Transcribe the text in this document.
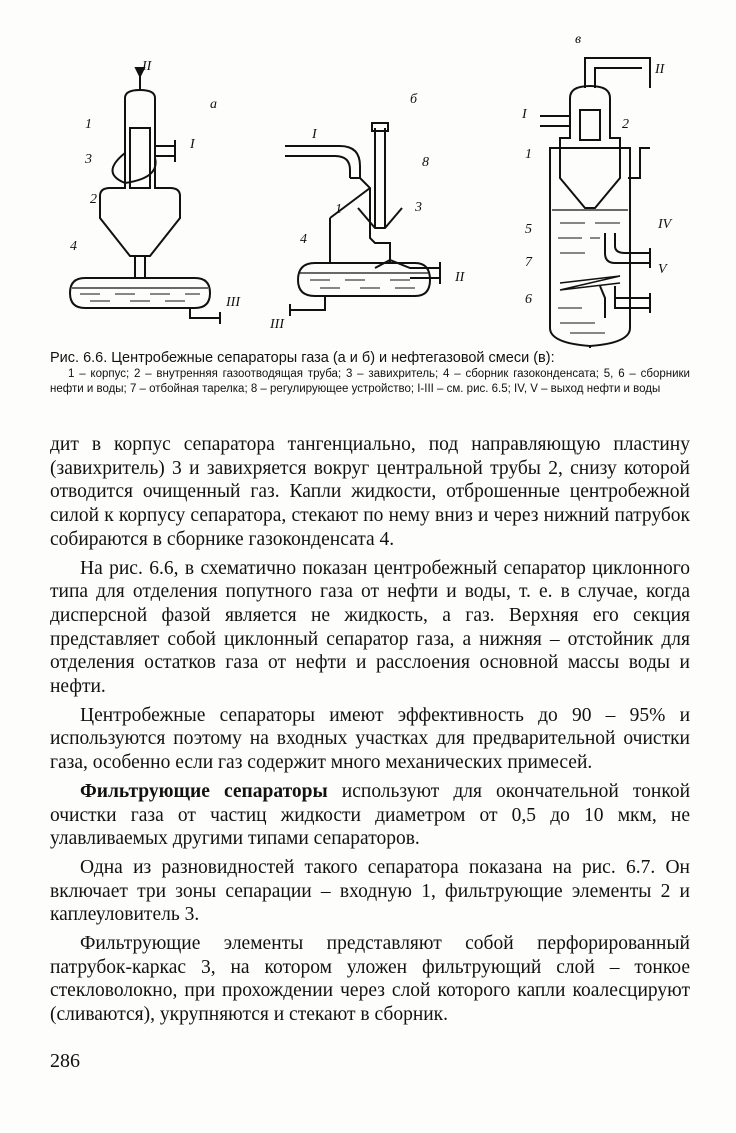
а	б
в
II
1
3
I
2
4
III
I
8
3
1
4
II
III
II
I
2
1
5	IV
7	V
6
Рис. 6.6. Центробежные сепараторы газа (а и б) и нефтегазовой смеси (в):
1 – корпус; 2 – внутренняя газоотводящая труба; 3 – завихритель; 4 – сборник газоконденсата; 5, 6 – сборники нефти и воды; 7 – отбойная тарелка; 8 – регулирующее устройство; I-III – см. рис. 6.5; IV, V – выход нефти и воды

дит в корпус сепаратора тангенциально, под направляющую пластину (завихритель) 3 и завихряется вокруг центральной трубы 2, снизу которой отводится очищенный газ. Капли жидкости, отброшенные центробежной силой к корпусу сепаратора, стекают по нему вниз и через нижний патрубок собираются в сборнике газоконденсата 4.

На рис. 6.6, в схематично показан центробежный сепаратор циклонного типа для отделения попутного газа от нефти и воды, т. е. в случае, когда дисперсной фазой является не жидкость, а газ. Верхняя его секция представляет собой циклонный сепаратор газа, а нижняя – отстойник для отделения остатков газа от нефти и расслоения основной массы воды и нефти.

Центробежные сепараторы имеют эффективность до 90 – 95% и используются поэтому на входных участках для предварительной очистки газа, особенно если газ содержит много механических примесей.

Фильтрующие сепараторы используют для окончательной тонкой очистки газа от частиц жидкости диаметром от 0,5 до 10 мкм, не улавливаемых другими типами сепараторов.

Одна из разновидностей такого сепаратора показана на рис. 6.7. Он включает три зоны сепарации – входную 1, фильтрующие элементы 2 и каплеуловитель 3.

Фильтрующие элементы представляют собой перфорированный патрубок-каркас 3, на котором уложен фильтрующий слой – тонкое стекловолокно, при прохождении через слой которого капли коалесцируют (сливаются), укрупняются и стекают в сборник.

286
